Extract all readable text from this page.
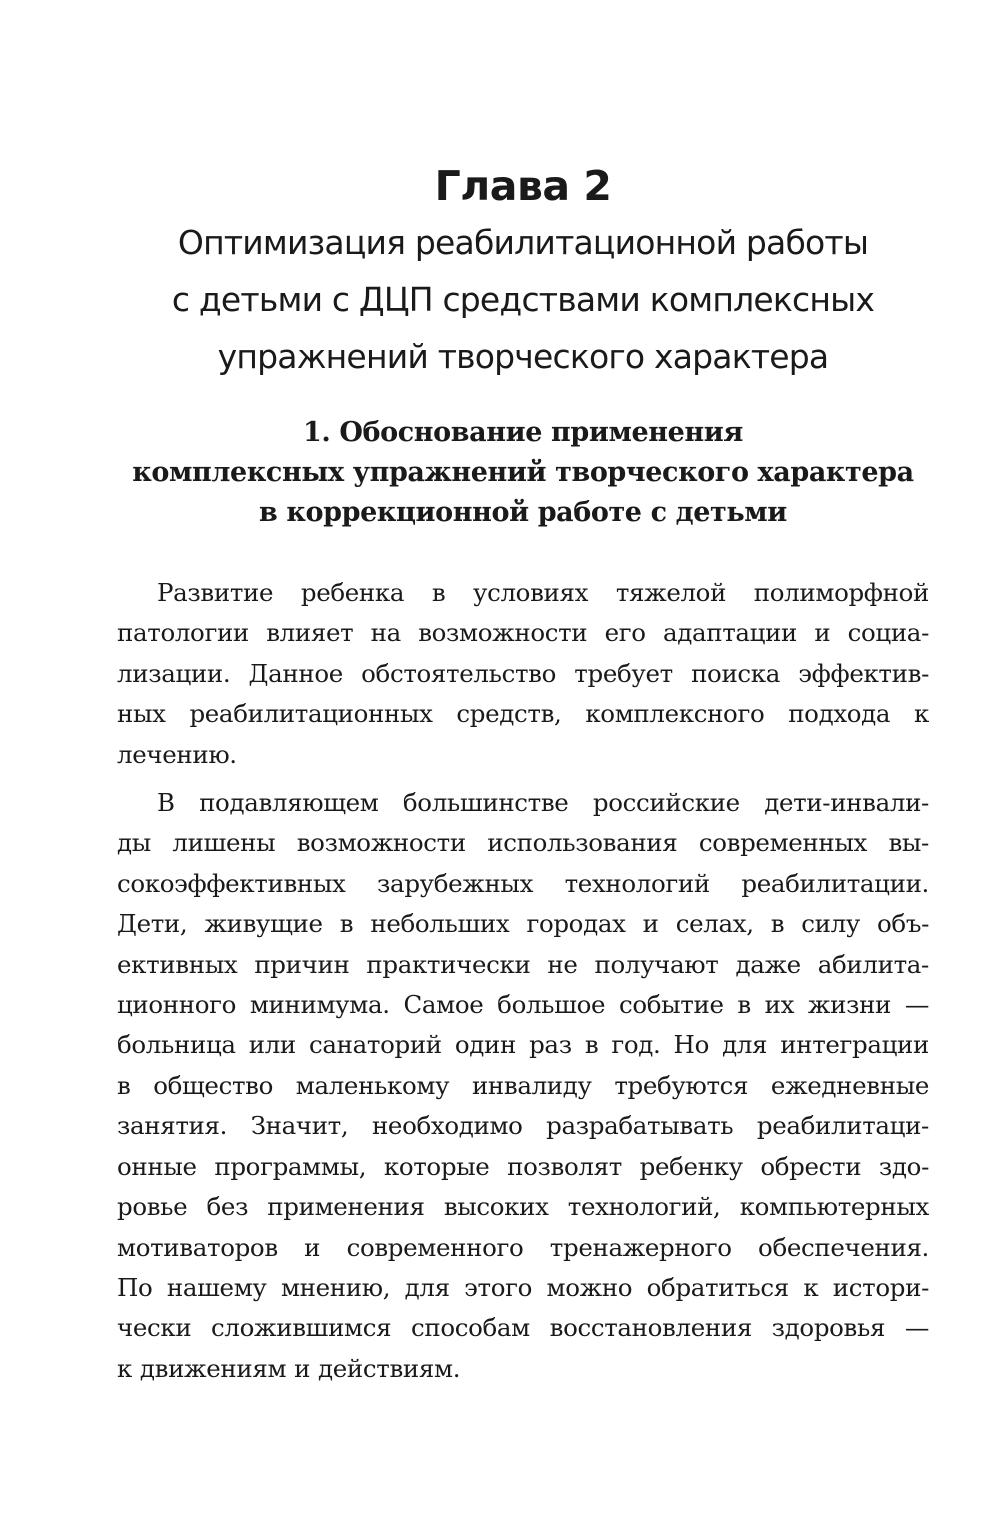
Глава 2
Оптимизация реабилитационной работы
с детьми с ДЦП средствами комплексных
упражнений творческого характера
1. Обоснование применения
комплексных упражнений творческого характера
в коррекционной работе с детьми

Развитие ребенка в условиях тяжелой полиморфной
патологии влияет на возможности его адаптации и социа-
лизации. Данное обстоятельство требует поиска эффектив-
ных реабилитационных средств, комплексного подхода к
лечению.

В подавляющем большинстве российские дети-инвали-
ды лишены возможности использования современных вы-
сокоэффективных зарубежных технологий реабилитации.
Дети, живущие в небольших городах и селах, в силу объ-
ективных причин практически не получают даже абилита-
ционного минимума. Самое большое событие в их жизни —
больница или санаторий один раз в год. Но для интеграции
в общество маленькому инвалиду требуются ежедневные
занятия. Значит, необходимо разрабатывать реабилитаци-
онные программы, которые позволят ребенку обрести здо-
ровье без применения высоких технологий, компьютерных
мотиваторов и современного тренажерного обеспечения.
По нашему мнению, для этого можно обратиться к истори-
чески сложившимся способам восстановления здоровья —
к движениям и действиям.
